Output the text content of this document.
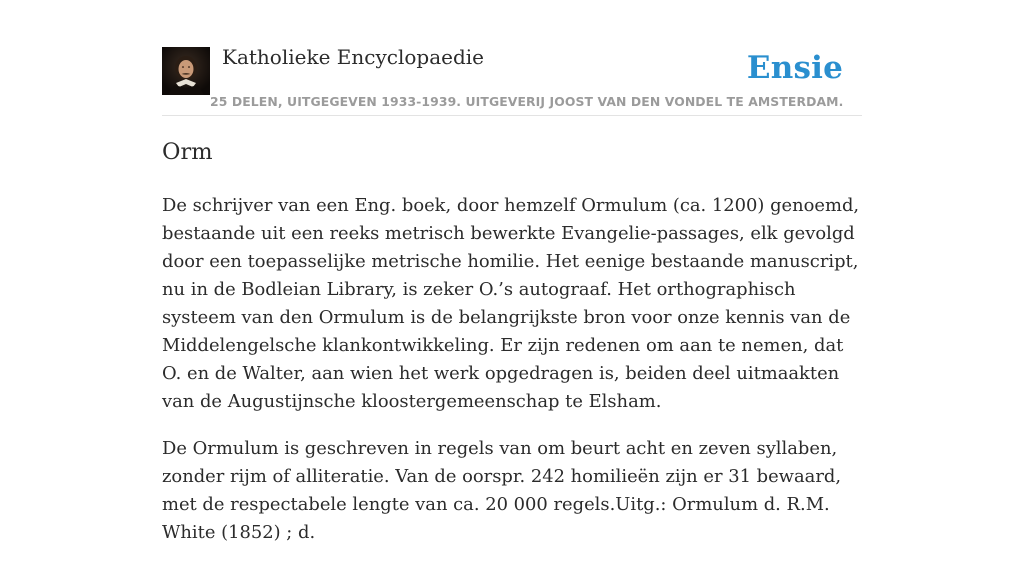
Katholieke Encyclopaedie	Ensie
25 DELEN, UITGEGEVEN 1933-1939. UITGEVERIJ JOOST VAN DEN VONDEL TE AMSTERDAM.
Orm

De schrijver van een Eng. boek, door hemzelf Ormulum (ca. 1200) genoemd, bestaande uit een reeks metrisch bewerkte Evangelie-passages, elk gevolgd door een toepasselijke metrische homilie. Het eenige bestaande manuscript, nu in de Bodleian Library, is zeker O.’s autograaf. Het orthographisch systeem van den Ormulum is de belangrijkste bron voor onze kennis van de Middelengelsche klankontwikkeling. Er zijn redenen om aan te nemen, dat O. en de Walter, aan wien het werk opgedragen is, beiden deel uitmaakten van de Augustijnsche kloostergemeenschap te Elsham.

De Ormulum is geschreven in regels van om beurt acht en zeven syllaben, zonder rijm of alliteratie. Van de oorspr. 242 homilieën zijn er 31 bewaard, met de respectabele lengte van ca. 20 000 regels.Uitg.: Ormulum d. R.M. White (1852) ; d.
